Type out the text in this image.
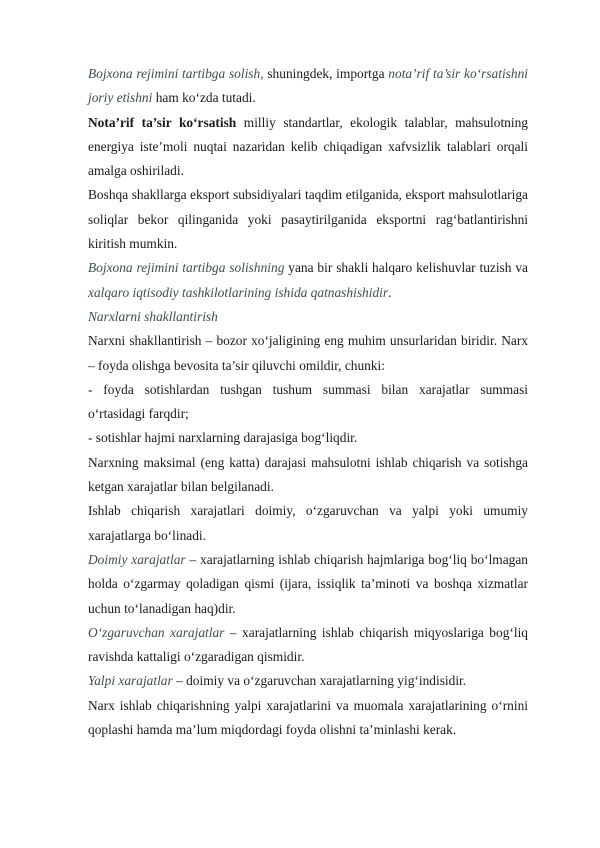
Bojxona rejimini tartibga solish, shuningdek, importga nota’rif ta’sir ko‘rsatishni joriy etishni ham ko‘zda tutadi.

Nota’rif ta’sir ko‘rsatish milliy standartlar, ekologik talablar, mahsulotning energiya iste’moli nuqtai nazaridan kelib chiqadigan xafvsizlik talablari orqali amalga oshiriladi.

Boshqa shakllarga eksport subsidiyalari taqdim etilganida, eksport mahsulotlariga soliqlar bekor qilinganida yoki pasaytirilganida eksportni rag‘batlantirishni kiritish mumkin.

Bojxona rejimini tartibga solishning yana bir shakli halqaro kelishuvlar tuzish va xalqaro iqtisodiy tashkilotlarining ishida qatnashishidir.

Narxlarni shakllantirish

Narxni shakllantirish – bozor xo‘jaligining eng muhim unsurlaridan biridir. Narx – foyda olishga bevosita ta’sir qiluvchi omildir, chunki:

- foyda sotishlardan tushgan tushum summasi bilan xarajatlar summasi o‘rtasidagi farqdir;

- sotishlar hajmi narxlarning darajasiga bog‘liqdir.

Narxning maksimal (eng katta) darajasi mahsulotni ishlab chiqarish va sotishga ketgan xarajatlar bilan belgilanadi.

Ishlab chiqarish xarajatlari doimiy, o‘zgaruvchan va yalpi yoki umumiy xarajatlarga bo‘linadi.

Doimiy xarajatlar – xarajatlarning ishlab chiqarish hajmlariga bog‘liq bo‘lmagan holda o‘zgarmay qoladigan qismi (ijara, issiqlik ta’minoti va boshqa xizmatlar uchun to‘lanadigan haq)dir.

O‘zgaruvchan xarajatlar – xarajatlarning ishlab chiqarish miqyoslariga bog‘liq ravishda kattaligi o‘zgaradigan qismidir.

Yalpi xarajatlar – doimiy va o‘zgaruvchan xarajatlarning yig‘indisidir.

Narx ishlab chiqarishning yalpi xarajatlarini va muomala xarajatlarining o‘rnini qoplashi hamda ma’lum miqdordagi foyda olishni ta’minlashi kerak.
